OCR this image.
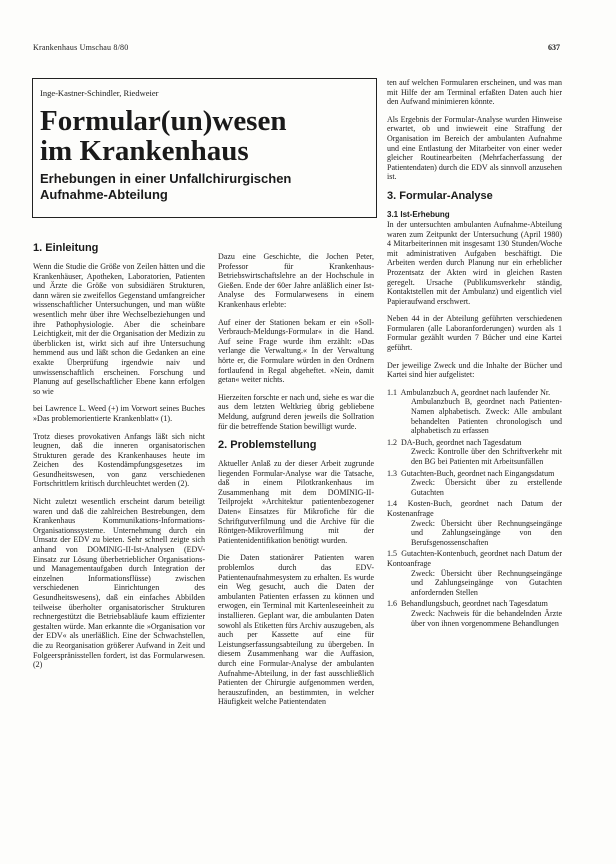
Krankenhaus Umschau 8/80	637
Inge-Kastner-Schindler, Riedweier
Formular(un)wesen
im Krankenhaus
Erhebungen in einer Unfallchirurgischen
Aufnahme-Abteilung
1. Einleitung

Wenn die Studie die Größe von Zeilen hätten und die Krankenhäuser, Apotheken, Laboratorien, Patienten und Ärzte die Größe von subsidiären Strukturen, dann wären sie zweifellos Gegenstand umfangreicher wissenschaftlicher Untersuchungen, und man wüßte wesentlich mehr über ihre Wechselbeziehungen und ihre Pathophysiologie. Aber die scheinbare Leichtigkeit, mit der die Organisation der Medizin zu überblicken ist, wirkt sich auf ihre Untersuchung hemmend aus und läßt schon die Gedanken an eine exakte Überprüfung irgendwie naiv und unwissenschaftlich erscheinen. Forschung und Planung auf gesellschaftlicher Ebene kann erfolgen so wie

bei Lawrence L. Weed (+) im Vorwort seines Buches »Das problemorientierte Krankenblatt« (1).

Trotz dieses provokativen Anfangs läßt sich nicht leugnen, daß die inneren organisatorischen Strukturen gerade des Krankenhauses heute im Zeichen des Kostendämpfungsgesetzes im Gesundheitswesen, von ganz verschiedenen Fortschrittlern kritisch durchleuchtet werden (2).

Nicht zuletzt wesentlich erscheint darum beteiligt waren und daß die zahlreichen Bestrebungen, dem Krankenhaus Kommunikations-Informations-Organisationssysteme. Unternehmung durch ein Umsatz der EDV zu bieten. Sehr schnell zeigte sich anhand von DOMINIG-II-Ist-Analysen (EDV-Einsatz zur Lösung überbetrieblicher Organisations- und Managementaufgaben durch Integration der einzelnen Informationsflüsse) zwischen verschiedenen Einrichtungen des Gesundheitswesens), daß ein einfaches Abbilden teilweise überholter organisatorischer Strukturen rechnergestützt die Betriebsabläufe kaum effizienter gestalten würde. Man erkannte die »Organisation vor der EDV« als unerläßlich. Eine der Schwachstellen, die zu Reorganisation größerer Aufwand in Zeit und Folgeerspränisstellen fordert, ist das Formularwesen. (2)

Dazu eine Geschichte, die Jochen Peter, Professor für Krankenhaus-Betriebswirtschaftslehre an der Hochschule in Gießen. Ende der 60er Jahre anläßlich einer Ist-Analyse des Formularwesens in einem Krankenhaus erlebte:

Auf einer der Stationen bekam er ein »Soll-Verbrauch-Meldungs-Formular« in die Hand. Auf seine Frage wurde ihm erzählt: »Das verlange die Verwaltung.« In der Verwaltung hörte er, die Formulare würden in den Ordnern fortlaufend in Regal abgeheftet. »Nein, damit getan« weiter nichts.

Hierzeiten forschte er nach und, siehe es war die aus dem letzten Weltkrieg übrig gebliebene Meldung, aufgrund deren jeweils die Sollration für die betreffende Station bewilligt wurde.

2. Problemstellung

Aktueller Anlaß zu der dieser Arbeit zugrunde liegenden Formular-Analyse war die Tatsache, daß in einem Pilotkrankenhaus im Zusammenhang mit dem DOMINIG-II-Teilprojekt »Architektur patientenbezogener Daten« Einsatzes für Mikrofiche für die Schriftgutverfilmung und die Archive für die Röntgen-Mikroverfilmung mit der Patientenidentifikation benötigt wurden.

Die Daten stationärer Patienten waren problemlos durch das EDV-Patientenaufnahmesystem zu erhalten. Es wurde ein Weg gesucht, auch die Daten der ambulanten Patienten erfassen zu können und erwogen, ein Terminal mit Kartenleseeinheit zu installieren. Geplant war, die ambulanten Daten sowohl als Etiketten fürs Archiv auszugeben, als auch per Kassette auf eine für Leistungserfassungsabteilung zu übergeben. In diesem Zusammenhang war die Auffasion, durch eine Formular-Analyse der ambulanten Aufnahme-Abteilung, in der fast ausschließlich Patienten der Chirurgie aufgenommen werden, herauszufinden, an bestimmten, in welcher Häufigkeit welche Patientendaten

ten auf welchen Formularen erscheinen, und was man mit Hilfe der am Terminal erfaßten Daten auch hier den Aufwand minimieren könnte.

Als Ergebnis der Formular-Analyse wurden Hinweise erwartet, ob und inwieweit eine Straffung der Organisation im Bereich der ambulanten Aufnahme und eine Entlastung der Mitarbeiter von einer weder gleicher Routinearbeiten (Mehrfacherfassung der Patientendaten) durch die EDV als sinnvoll anzusehen ist.

3. Formular-Analyse
3.1 Ist-Erhebung

In der untersuchten ambulanten Aufnahme-Abteilung waren zum Zeitpunkt der Untersuchung (April 1980) 4 Mitarbeiterinnen mit insgesamt 130 Stunden/Woche mit administrativen Aufgaben beschäftigt. Die Arbeiten werden durch Planung nur ein erheblicher Prozentsatz der Akten wird in gleichen Rasten geregelt. Ursache (Publikumsverkehr ständig, Kontaktstellen mit der Ambulanz) und eigentlich viel Papieraufwand erschwert.

Neben 44 in der Abteilung geführten verschiedenen Formularen (alle Laboranforderungen) wurden als 1 Formular gezählt wurden 7 Bücher und eine Kartei geführt.

Der jeweilige Zweck und die Inhalte der Bücher und Kartei sind hier aufgelistet:

1.1 Ambulanzbuch A, geordnet nach laufender Nr.
Ambulanzbuch B, geordnet nach Patienten-Namen alphabetisch. Zweck: Alle ambulant behandelten Patienten chronologisch und alphabetisch zu erfassen
1.2 DA-Buch, geordnet nach Tagesdatum
Zweck: Kontrolle über den Schriftverkehr mit den BG bei Patienten mit Arbeitsunfällen
1.3 Gutachten-Buch, geordnet nach Eingangsdatum
Zweck: Übersicht über zu erstellende Gutachten
1.4 Kosten-Buch, geordnet nach Datum der Kostenanfrage
Zweck: Übersicht über Rechnungseingänge und Zahlungseingänge von den Berufsgenossenschaften
1.5 Gutachten-Kontenbuch, geordnet nach Datum der Kontoanfrage
Zweck: Übersicht über Rechnungseingänge und Zahlungseingänge von Gutachten anfordernden Stellen
1.6 Behandlungsbuch, geordnet nach Tagesdatum
Zweck: Nachweis für die behandelnden Ärzte über von ihnen vorgenommene Behandlungen
